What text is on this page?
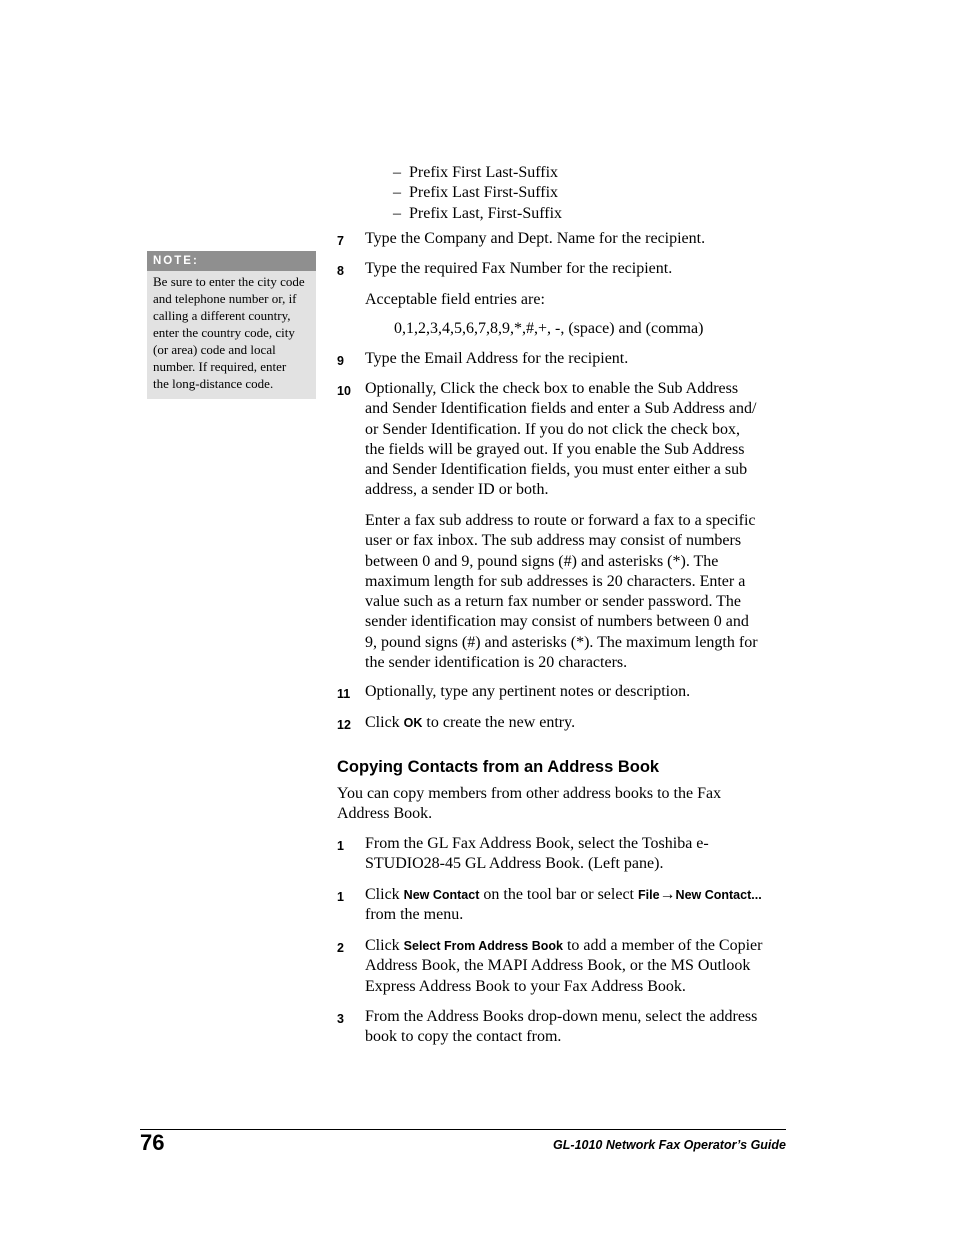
– Prefix First Last-Suffix
– Prefix Last First-Suffix
– Prefix Last, First-Suffix
NOTE:
Be sure to enter the city code
and telephone number or, if
calling a different country,
enter the country code, city
(or area) code and local
number. If required, enter
the long-distance code.
7 Type the Company and Dept. Name for the recipient.
8 Type the required Fax Number for the recipient.
Acceptable field entries are:
0,1,2,3,4,5,6,7,8,9,*,#,+, -, (space) and (comma)
9 Type the Email Address for the recipient.
10 Optionally, Click the check box to enable the Sub Address
and Sender Identification fields and enter a Sub Address and/
or Sender Identification. If you do not click the check box,
the fields will be grayed out. If you enable the Sub Address
and Sender Identification fields, you must enter either a sub
address, a sender ID or both.
Enter a fax sub address to route or forward a fax to a specific
user or fax inbox. The sub address may consist of numbers
between 0 and 9, pound signs (#) and asterisks (*). The
maximum length for sub addresses is 20 characters. Enter a
value such as a return fax number or sender password. The
sender identification may consist of numbers between 0 and
9, pound signs (#) and asterisks (*). The maximum length for
the sender identification is 20 characters.
11 Optionally, type any pertinent notes or description.
12 Click OK to create the new entry.
Copying Contacts from an Address Book
You can copy members from other address books to the Fax
Address Book.
1 From the GL Fax Address Book, select the Toshiba e-
STUDIO28-45 GL Address Book. (Left pane).
1 Click New Contact on the tool bar or select File→New Contact...
from the menu.
2 Click Select From Address Book to add a member of the Copier
Address Book, the MAPI Address Book, or the MS Outlook
Express Address Book to your Fax Address Book.
3 From the Address Books drop-down menu, select the address
book to copy the contact from.
76	GL-1010 Network Fax Operator’s Guide
